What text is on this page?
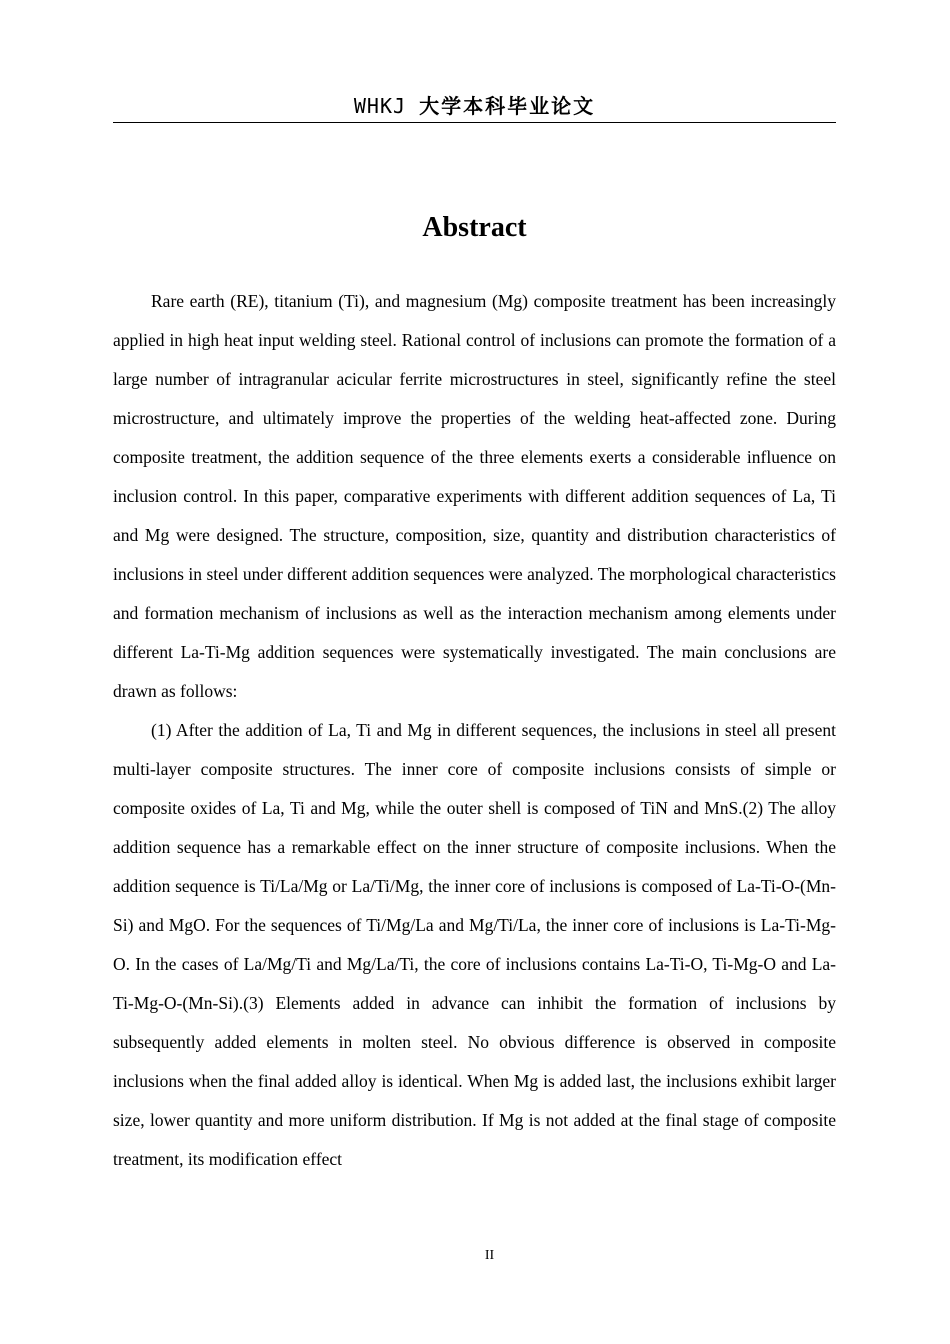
WHKJ 大学本科毕业论文
Abstract

Rare earth (RE), titanium (Ti), and magnesium (Mg) composite treatment has been increasingly applied in high heat input welding steel. Rational control of inclusions can promote the formation of a large number of intragranular acicular ferrite microstructures in steel, significantly refine the steel microstructure, and ultimately improve the properties of the welding heat-affected zone. During composite treatment, the addition sequence of the three elements exerts a considerable influence on inclusion control. In this paper, comparative experiments with different addition sequences of La, Ti and Mg were designed. The structure, composition, size, quantity and distribution characteristics of inclusions in steel under different addition sequences were analyzed. The morphological characteristics and formation mechanism of inclusions as well as the interaction mechanism among elements under different La-Ti-Mg addition sequences were systematically investigated. The main conclusions are drawn as follows:

(1) After the addition of La, Ti and Mg in different sequences, the inclusions in steel all present multi-layer composite structures. The inner core of composite inclusions consists of simple or composite oxides of La, Ti and Mg, while the outer shell is composed of TiN and MnS.(2) The alloy addition sequence has a remarkable effect on the inner structure of composite inclusions. When the addition sequence is Ti/La/Mg or La/Ti/Mg, the inner core of inclusions is composed of La-Ti-O-(Mn-Si) and MgO. For the sequences of Ti/Mg/La and Mg/Ti/La, the inner core of inclusions is La-Ti-Mg-O. In the cases of La/Mg/Ti and Mg/La/Ti, the core of inclusions contains La-Ti-O, Ti-Mg-O and La-Ti-Mg-O-(Mn-Si).(3) Elements added in advance can inhibit the formation of inclusions by subsequently added elements in molten steel. No obvious difference is observed in composite inclusions when the final added alloy is identical. When Mg is added last, the inclusions exhibit larger size, lower quantity and more uniform distribution. If Mg is not added at the final stage of composite treatment, its modification effect

II
